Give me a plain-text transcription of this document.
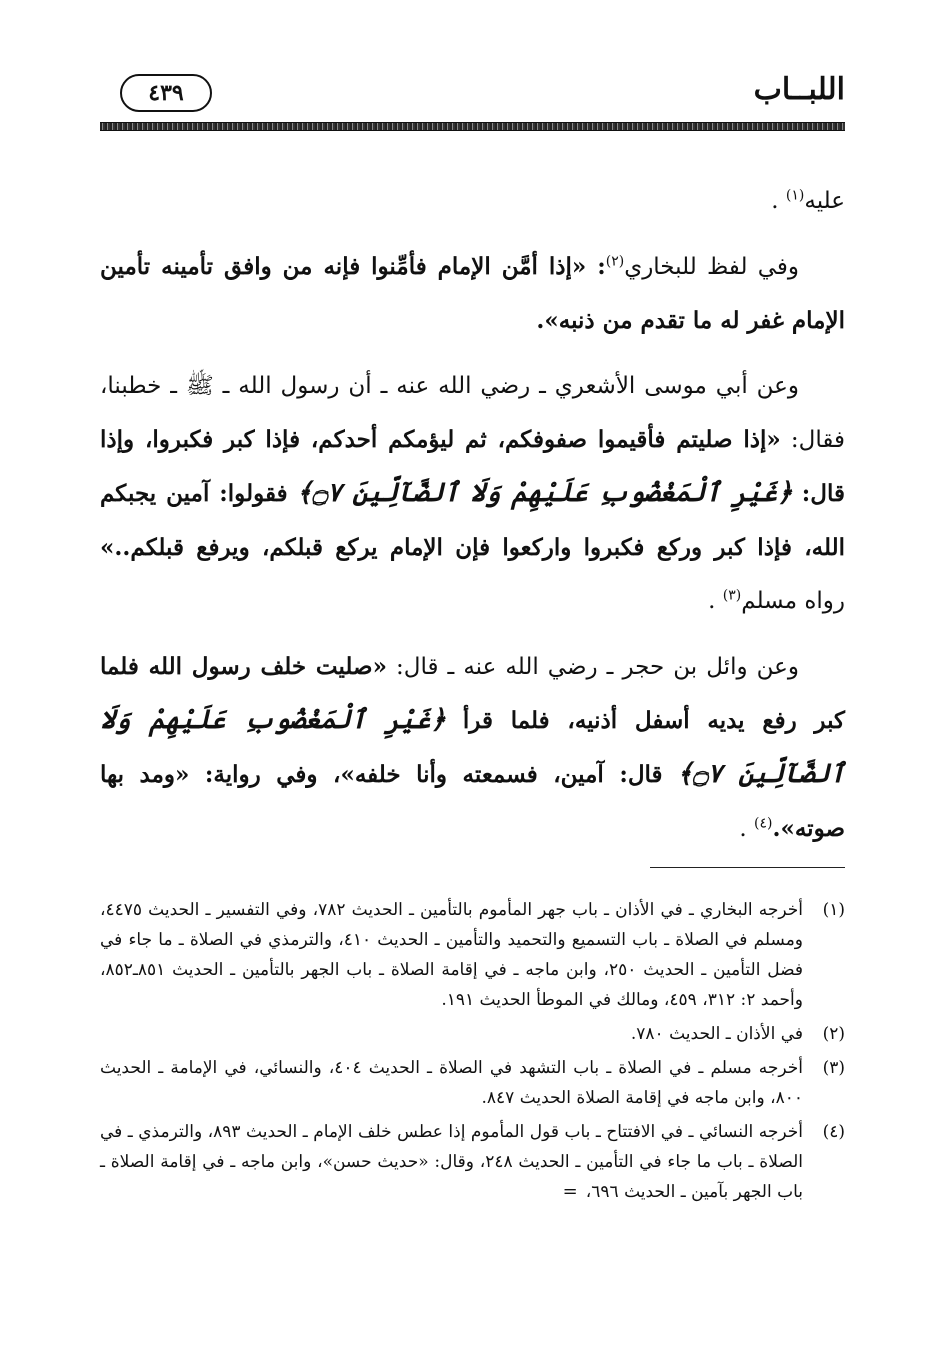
اللبــاب
٤٣٩

عليه$^{(١)}$ .

وفي لفظ للبخاري$^{(٢)}$: «إذا أمَّن الإمام فأمِّنوا فإنه من وافق تأمينه تأمين الإمام غفر له ما تقدم من ذنبه».

وعن أبي موسى الأشعري ـ رضي الله عنه ـ أن رسول الله ـ ﷺ ـ خطبنا، فقال: «إذا صليتم فأقيموا صفوفكم، ثم ليؤمكم أحدكم، فإذا كبر فكبروا، وإذا قال: ﴿غَيْرِ ٱلْمَغْضُوبِ عَلَيْهِمْ وَلَا ٱلضَّآلِّينَ ۝٧﴾ فقولوا: آمين يجبكم الله، فإذا كبر وركع فكبروا واركعوا فإن الإمام يركع قبلكم، ويرفع قبلكم..» رواه مسلم$^{(٣)}$ .

وعن وائل بن حجر ـ رضي الله عنه ـ قال: «صليت خلف رسول الله فلما كبر رفع يديه أسفل أذنيه، فلما قرأ ﴿غَيْرِ ٱلْمَغْضُوبِ عَلَيْهِمْ وَلَا ٱلضَّآلِّينَ ۝٧﴾ قال: آمين، فسمعته وأنا خلفه»، وفي رواية: «ومد بها صوته».$^{(٤)}$ .

(١)
أخرجه البخاري ـ في الأذان ـ باب جهر المأموم بالتأمين ـ الحديث ٧٨٢، وفي التفسير ـ الحديث ٤٤٧٥، ومسلم في الصلاة ـ باب التسميع والتحميد والتأمين ـ الحديث ٤١٠، والترمذي في الصلاة ـ ما جاء في فضل التأمين ـ الحديث ٢٥٠، وابن ماجه ـ في إقامة الصلاة ـ باب الجهر بالتأمين ـ الحديث ٨٥١ـ٨٥٢، وأحمد ٢: ٣١٢، ٤٥٩، ومالك في الموطأ الحديث ١٩١.
(٢)
في الأذان ـ الحديث ٧٨٠.
(٣)
أخرجه مسلم ـ في الصلاة ـ باب التشهد في الصلاة ـ الحديث ٤٠٤، والنسائي، في الإمامة ـ الحديث ٨٠٠، وابن ماجه في إقامة الصلاة الحديث ٨٤٧.
(٤)
أخرجه النسائي ـ في الافتتاح ـ باب قول المأموم إذا عطس خلف الإمام ـ الحديث ٨٩٣، والترمذي ـ في الصلاة ـ باب ما جاء في التأمين ـ الحديث ٢٤٨، وقال: «حديث حسن»، وابن ماجه ـ في إقامة الصلاة ـ باب الجهر بآمين ـ الحديث ٦٩٦،=
